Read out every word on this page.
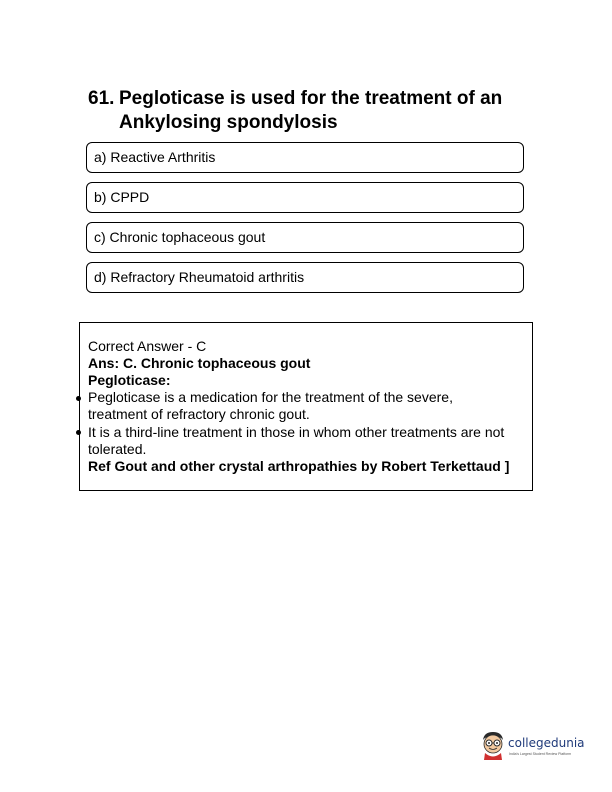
61. Pegloticase is used for the treatment of an
Ankylosing spondylosis
a) Reactive Arthritis
b) CPPD
c) Chronic tophaceous gout
d) Refractory Rheumatoid arthritis
Correct Answer - C
Ans: C. Chronic tophaceous gout
Pegloticase:
Pegloticase is a medication for the treatment of the severe,
treatment of refractory chronic gout.
It is a third-line treatment in those in whom other treatments are not
tolerated.
Ref Gout and other crystal arthropathies by Robert Terkettaud ]
collegedunia
India's Largest Student Review Platform
